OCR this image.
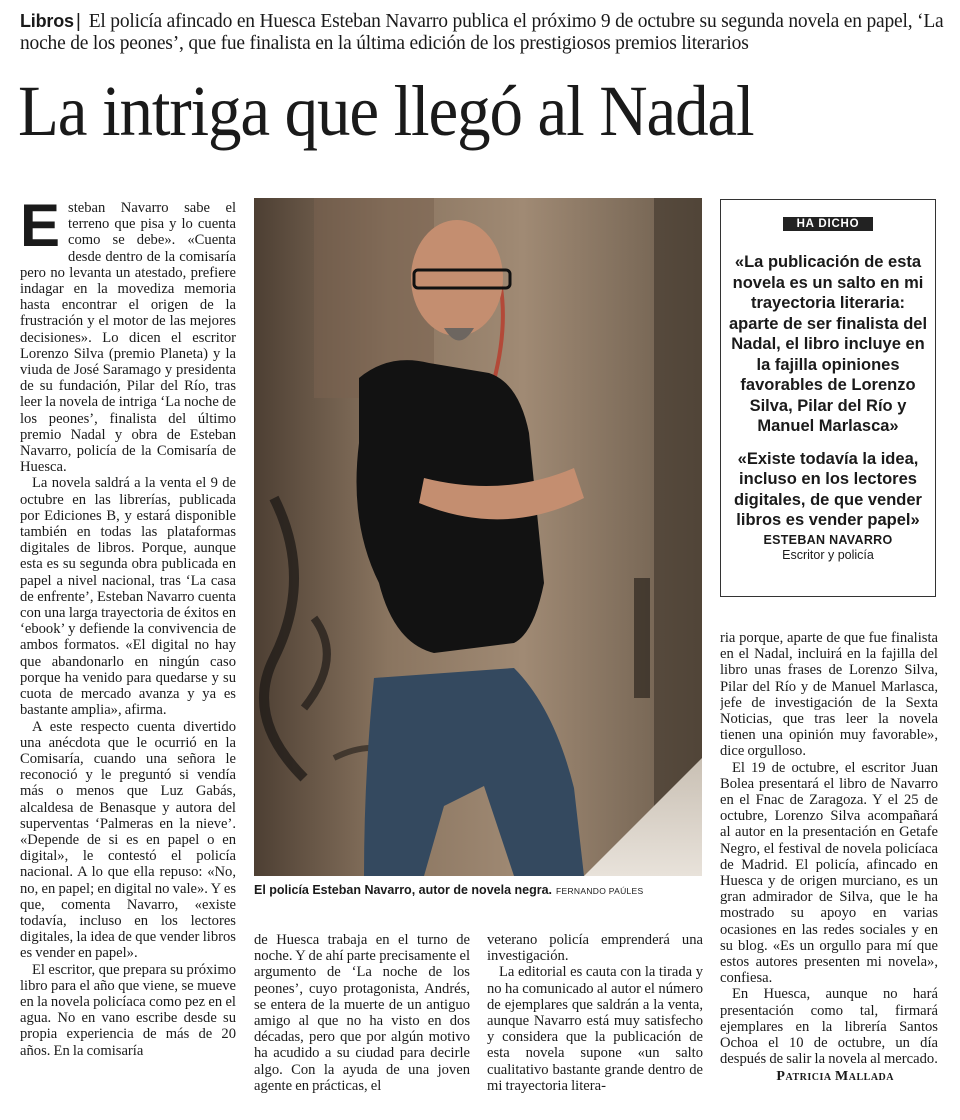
Libros | El policía afincado en Huesca Esteban Navarro publica el próximo 9 de octubre su segunda novela en papel, ‘La noche de los peones’, que fue finalista en la última edición de los prestigiosos premios literarios
La intriga que llegó al Nadal

Esteban Navarro sabe el terreno que pisa y lo cuenta como se debe». «Cuenta desde dentro de la comisaría pero no levanta un atestado, prefiere indagar en la movediza memoria hasta encontrar el origen de la frustración y el motor de las mejores decisiones». Lo dicen el escritor Lorenzo Silva (premio Planeta) y la viuda de José Saramago y presidenta de su fundación, Pilar del Río, tras leer la novela de intriga ‘La noche de los peones’, finalista del último premio Nadal y obra de Esteban Navarro, policía de la Comisaría de Huesca.

La novela saldrá a la venta el 9 de octubre en las librerías, publicada por Ediciones B, y estará disponible también en todas las plataformas digitales de libros. Porque, aunque esta es su segunda obra publicada en papel a nivel nacional, tras ‘La casa de enfrente’, Esteban Navarro cuenta con una larga trayectoria de éxitos en ‘ebook’ y defiende la convivencia de ambos formatos. «El digital no hay que abandonarlo en ningún caso porque ha venido para quedarse y su cuota de mercado avanza y ya es bastante amplia», afirma.

A este respecto cuenta divertido una anécdota que le ocurrió en la Comisaría, cuando una señora le reconoció y le preguntó si vendía más o menos que Luz Gabás, alcaldesa de Benasque y autora del superventas ‘Palmeras en la nieve’. «Depende de si es en papel o en digital», le contestó el policía nacional. A lo que ella repuso: «No, no, en papel; en digital no vale». Y es que, comenta Navarro, «existe todavía, incluso en los lectores digitales, la idea de que vender libros es vender en papel».

El escritor, que prepara su próximo libro para el año que viene, se mueve en la novela policíaca como pez en el agua. No en vano escribe desde su propia experiencia de más de 20 años. En la comisaría

El policía Esteban Navarro, autor de novela negra. FERNANDO PAÚLES
HA DICHO
«La publicación de esta novela es un salto en mi trayectoria literaria: aparte de ser finalista del Nadal, el libro incluye en la fajilla opiniones favorables de Lorenzo Silva, Pilar del Río y Manuel Marlasca»
«Existe todavía la idea, incluso en los lectores digitales, de que vender libros es vender papel»
ESTEBAN NAVARRO
Escritor y policía

de Huesca trabaja en el turno de noche. Y de ahí parte precisamente el argumento de ‘La noche de los peones’, cuyo protagonista, Andrés, se entera de la muerte de un antiguo amigo al que no ha visto en dos décadas, pero que por algún motivo ha acudido a su ciudad para decirle algo. Con la ayuda de una joven agente en prácticas, el

veterano policía emprenderá una investigación.

La editorial es cauta con la tirada y no ha comunicado al autor el número de ejemplares que saldrán a la venta, aunque Navarro está muy satisfecho y considera que la publicación de esta novela supone «un salto cualitativo bastante grande dentro de mi trayectoria litera-

ria porque, aparte de que fue finalista en el Nadal, incluirá en la fajilla del libro unas frases de Lorenzo Silva, Pilar del Río y de Manuel Marlasca, jefe de investigación de la Sexta Noticias, que tras leer la novela tienen una opinión muy favorable», dice orgulloso.

El 19 de octubre, el escritor Juan Bolea presentará el libro de Navarro en el Fnac de Zaragoza. Y el 25 de octubre, Lorenzo Silva acompañará al autor en la presentación en Getafe Negro, el festival de novela policíaca de Madrid. El policía, afincado en Huesca y de origen murciano, es un gran admirador de Silva, que le ha mostrado su apoyo en varias ocasiones en las redes sociales y en su blog. «Es un orgullo para mí que estos autores presenten mi novela», confiesa.

En Huesca, aunque no hará presentación como tal, firmará ejemplares en la librería Santos Ochoa el 10 de octubre, un día después de salir la novela al mercado.

Patricia Mallada
